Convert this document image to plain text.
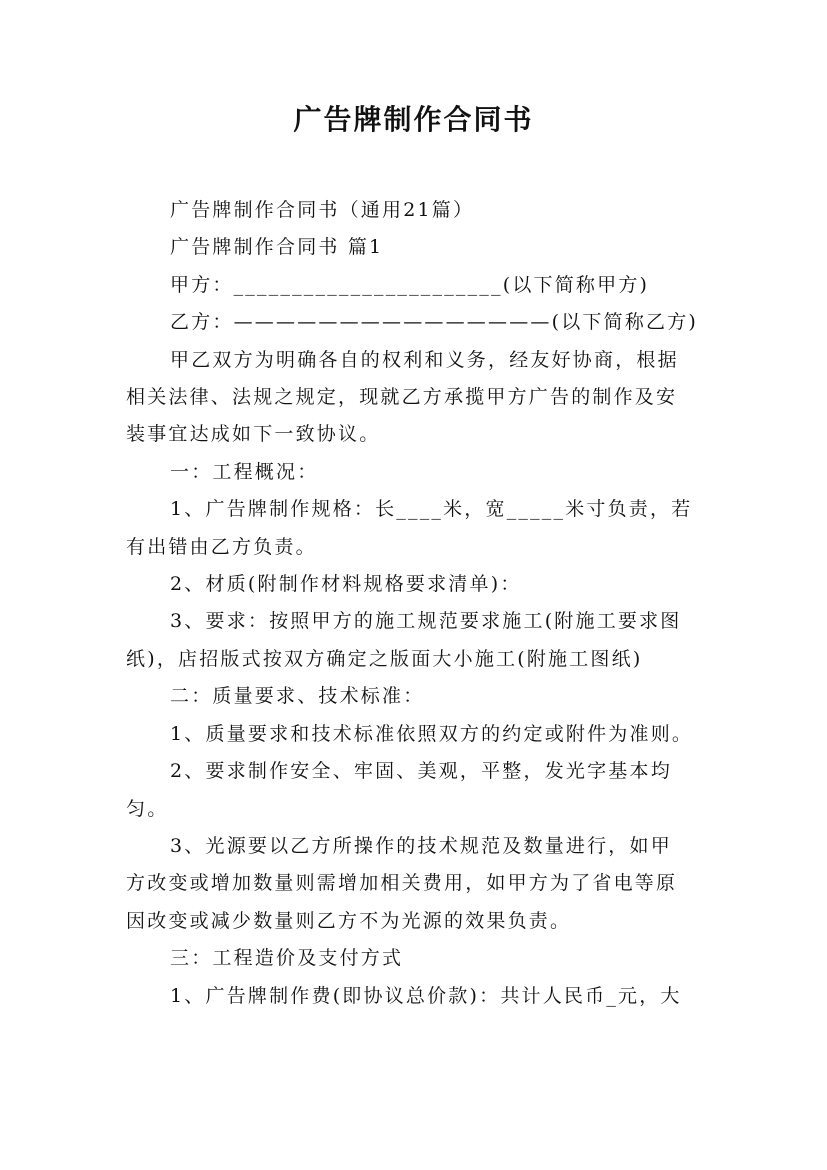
广告牌制作合同书

广告牌制作合同书（通用21篇）

广告牌制作合同书 篇1

甲方：_______________________(以下简称甲方)

乙方：———————————————(以下简称乙方)

甲乙双方为明确各自的权利和义务，经友好协商，根据

相关法律、法规之规定，现就乙方承揽甲方广告的制作及安

装事宜达成如下一致协议。

一：工程概况：

1、广告牌制作规格：长____米，宽_____米寸负责，若

有出错由乙方负责。

2、材质(附制作材料规格要求清单)：

3、要求：按照甲方的施工规范要求施工(附施工要求图

纸)，店招版式按双方确定之版面大小施工(附施工图纸)

二：质量要求、技术标准：

1、质量要求和技术标准依照双方的约定或附件为准则。

2、要求制作安全、牢固、美观，平整，发光字基本均

匀。

3、光源要以乙方所操作的技术规范及数量进行，如甲

方改变或增加数量则需增加相关费用，如甲方为了省电等原

因改变或减少数量则乙方不为光源的效果负责。

三：工程造价及支付方式

1、广告牌制作费(即协议总价款)：共计人民币_元，大
